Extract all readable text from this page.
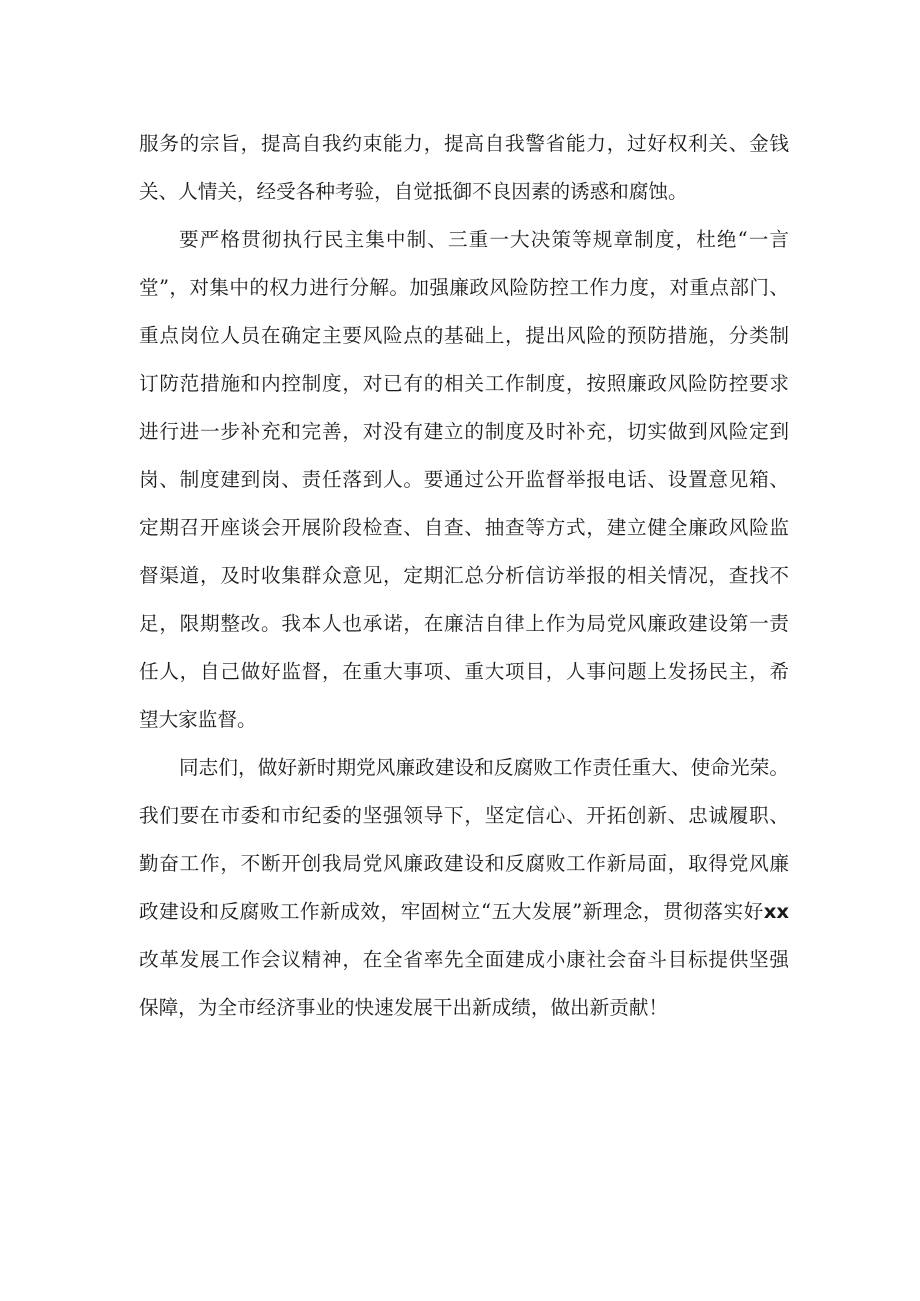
服务的宗旨，提高自我约束能力，提高自我警省能力，过好权利关、金钱
关、人情关，经受各种考验，自觉抵御不良因素的诱惑和腐蚀。
要严格贯彻执行民主集中制、三重一大决策等规章制度，杜绝“一言
堂”，对集中的权力进行分解。加强廉政风险防控工作力度，对重点部门、
重点岗位人员在确定主要风险点的基础上，提出风险的预防措施，分类制
订防范措施和内控制度，对已有的相关工作制度，按照廉政风险防控要求
进行进一步补充和完善，对没有建立的制度及时补充，切实做到风险定到
岗、制度建到岗、责任落到人。要通过公开监督举报电话、设置意见箱、
定期召开座谈会开展阶段检查、自查、抽查等方式，建立健全廉政风险监
督渠道，及时收集群众意见，定期汇总分析信访举报的相关情况，查找不
足，限期整改。我本人也承诺，在廉洁自律上作为局党风廉政建设第一责
任人，自己做好监督，在重大事项、重大项目，人事问题上发扬民主，希
望大家监督。
同志们，做好新时期党风廉政建设和反腐败工作责任重大、使命光荣。
我们要在市委和市纪委的坚强领导下，坚定信心、开拓创新、忠诚履职、
勤奋工作，不断开创我局党风廉政建设和反腐败工作新局面，取得党风廉
政建设和反腐败工作新成效，牢固树立“五大发展”新理念，贯彻落实好xx
改革发展工作会议精神，在全省率先全面建成小康社会奋斗目标提供坚强
保障，为全市经济事业的快速发展干出新成绩，做出新贡献！
